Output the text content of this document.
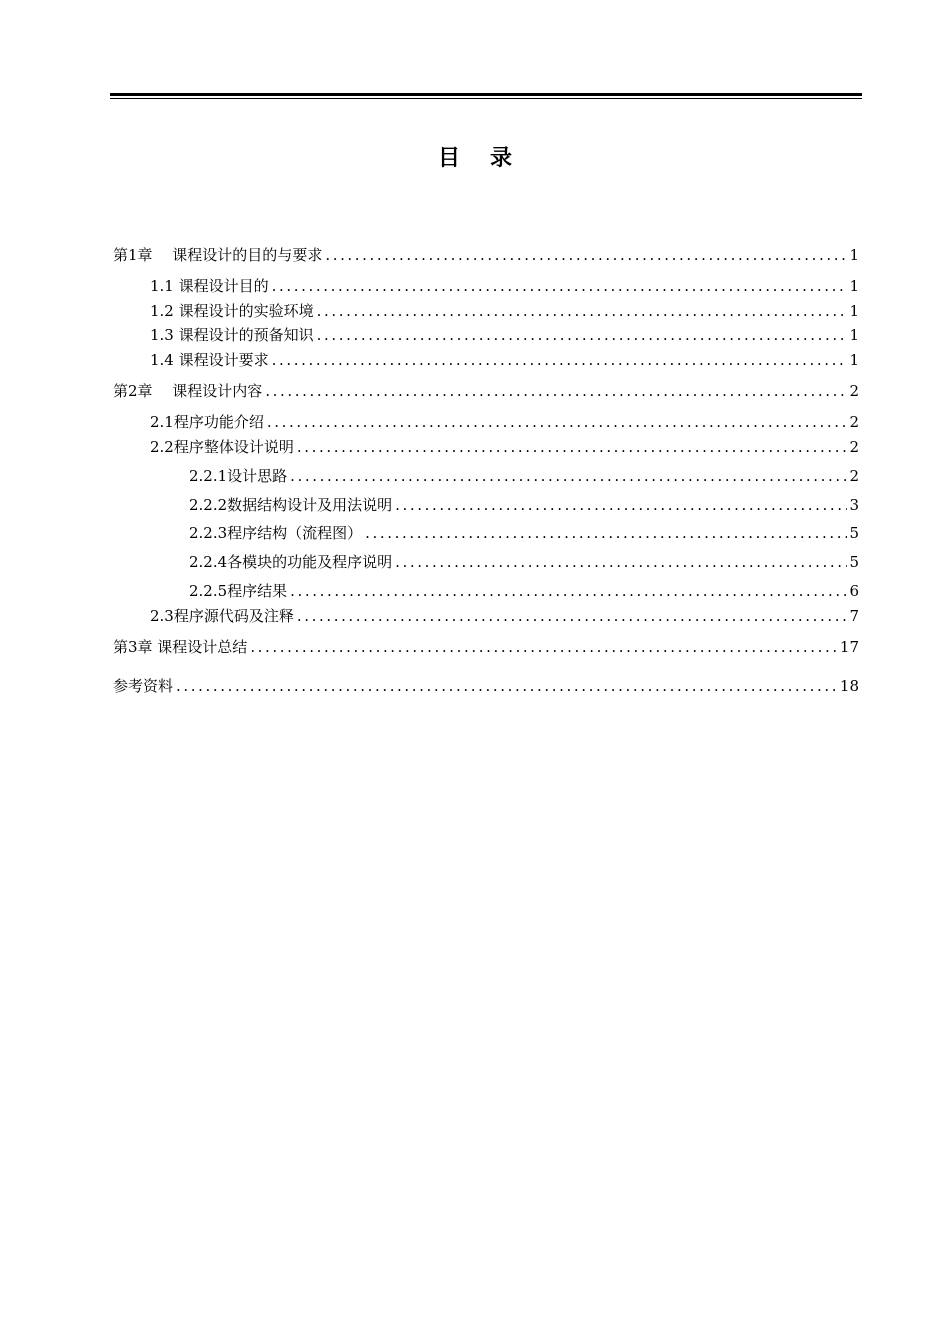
目 录
第1章　 课程设计的目的与要求 .....	1
1.1 课程设计目的 .....	1
1.2 课程设计的实验环境 .....	1
1.3 课程设计的预备知识 .....	1
1.4 课程设计要求 .....	1
第2章　 课程设计内容 .....	2
2.1程序功能介绍 .....	2
2.2程序整体设计说明 .....	2
2.2.1设计思路 .....	2
2.2.2数据结构设计及用法说明 .....	3
2.2.3程序结构（流程图） .....	5
2.2.4各模块的功能及程序说明 .....	5
2.2.5程序结果 .....	6
2.3程序源代码及注释 .....	7
第3章 课程设计总结 .....	17
参考资料 .....	18
